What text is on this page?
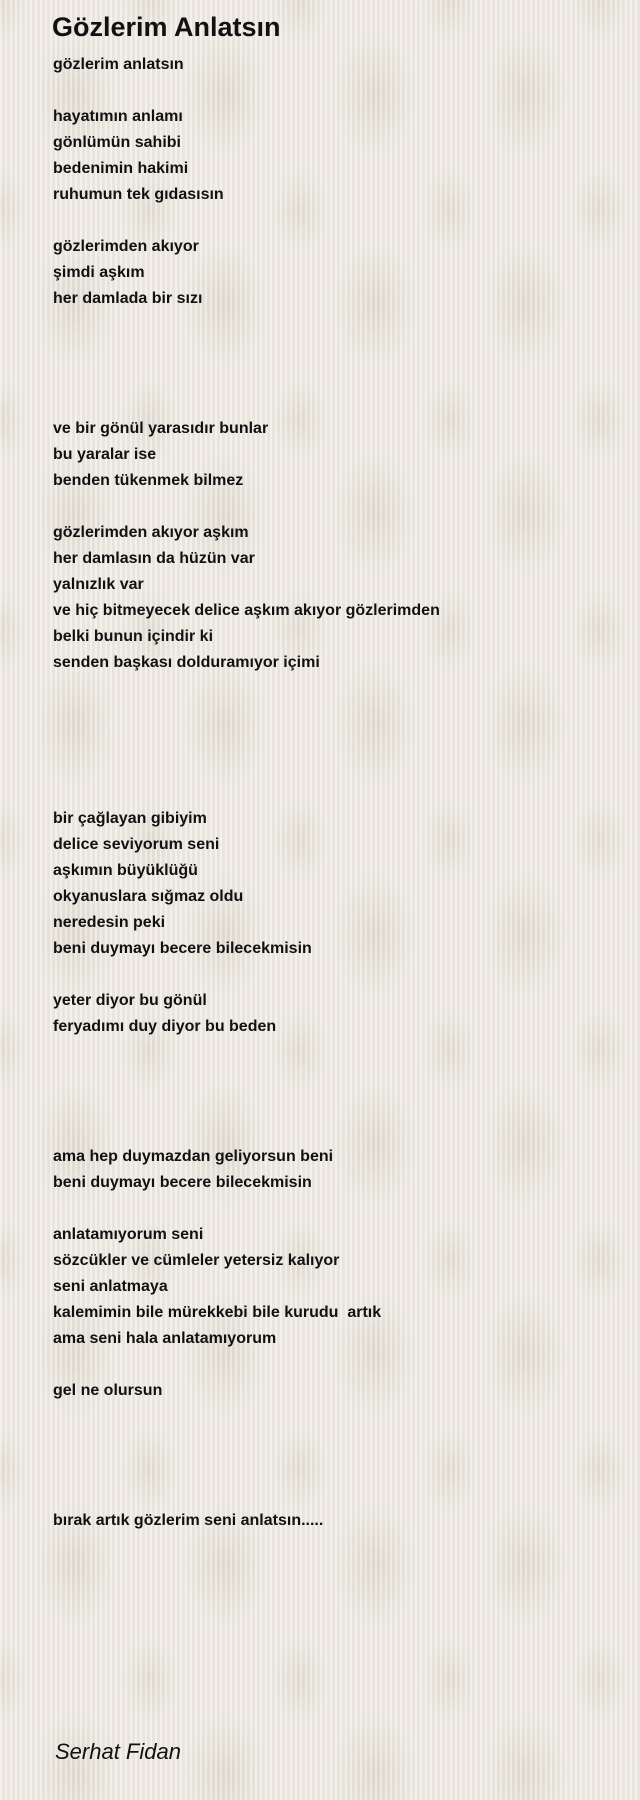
Gözlerim Anlatsın
gözlerim anlatsın
hayatımın anlamı
gönlümün sahibi
bedenimin hakimi
ruhumun tek gıdasısın
gözlerimden akıyor
şimdi aşkım
her damlada bir sızı
ve bir gönül yarasıdır bunlar
bu yaralar ise
benden tükenmek bilmez
gözlerimden akıyor aşkım
her damlasın da hüzün var
yalnızlık var
ve hiç bitmeyecek delice aşkım akıyor gözlerimden
belki bunun içindir ki
senden başkası dolduramıyor içimi
bir çağlayan gibiyim
delice seviyorum seni
aşkımın büyüklüğü
okyanuslara sığmaz oldu
neredesin peki
beni duymayı becere bilecekmisin
yeter diyor bu gönül
feryadımı duy diyor bu beden
ama hep duymazdan geliyorsun beni
beni duymayı becere bilecekmisin
anlatamıyorum seni
sözcükler ve cümleler yetersiz kalıyor
seni anlatmaya
kalemimin bile mürekkebi bile kurudu  artık
ama seni hala anlatamıyorum
gel ne olursun
bırak artık gözlerim seni anlatsın.....
Serhat Fidan
